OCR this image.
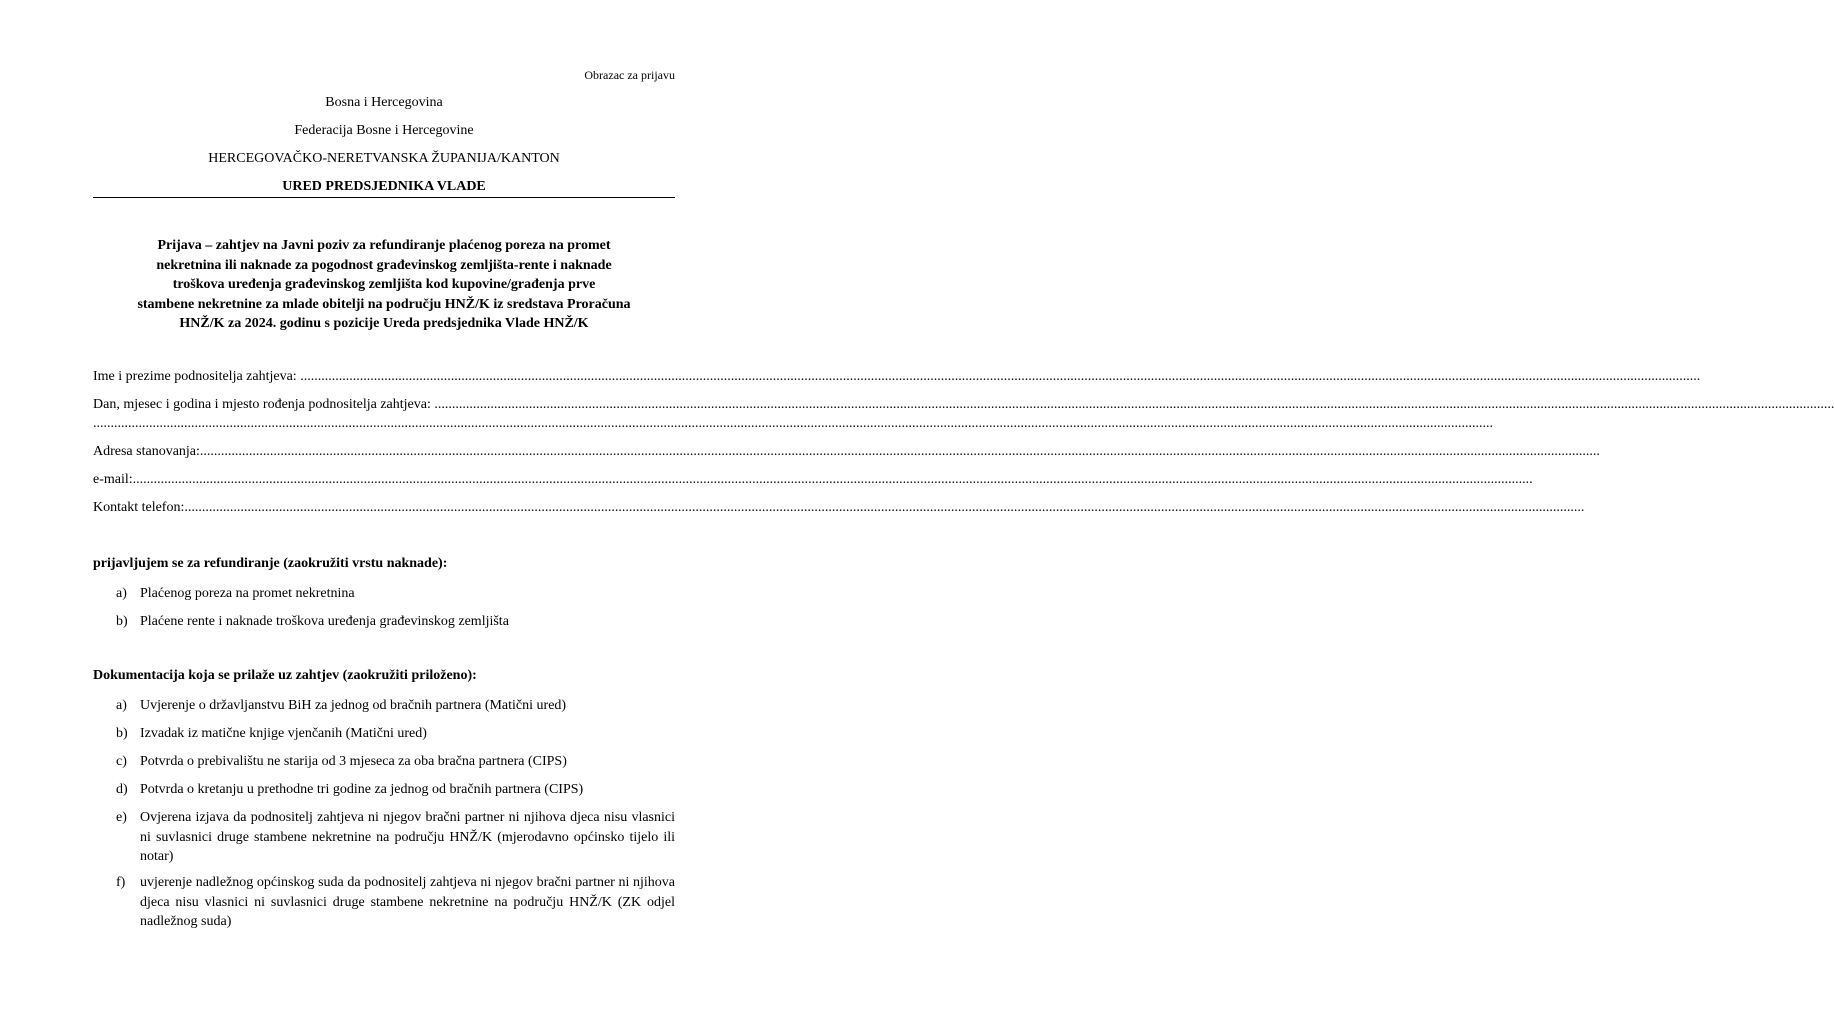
Obrazac za prijavu
Bosna i Hercegovina
Federacija Bosne i Hercegovine
HERCEGOVAČKO-NERETVANSKA ŽUPANIJA/KANTON
URED PREDSJEDNIKA VLADE
Prijava – zahtjev na Javni poziv za refundiranje plaćenog poreza na promet
nekretnina ili naknade za pogodnost građevinskog zemljišta-rente i naknade
troškova uređenja građevinskog zemljišta kod kupovine/građenja prve
stambene nekretnine za mlade obitelji na području HNŽ/K iz sredstava Proračuna
HNŽ/K za 2024. godinu s pozicije Ureda predsjednika Vlade HNŽ/K
Ime i prezime podnositelja zahtjeva: ................................................................................................................................................................................................................................................................................................................................................................................................................
Dan, mjesec i godina i mjesto rođenja podnositelja zahtjeva: ................................................................................................................................................................................................................................................................................................................................................................................................................
................................................................................................................................................................................................................................................................................................................................................................................................................
Adresa stanovanja:................................................................................................................................................................................................................................................................................................................................................................................................................
e-mail:................................................................................................................................................................................................................................................................................................................................................................................................................
Kontakt telefon:................................................................................................................................................................................................................................................................................................................................................................................................................
prijavljujem se za refundiranje (zaokružiti vrstu naknade):
a) Plaćenog poreza na promet nekretnina
b) Plaćene rente i naknade troškova uređenja građevinskog zemljišta
Dokumentacija koja se prilaže uz zahtjev (zaokružiti priloženo):
a) Uvjerenje o državljanstvu BiH za jednog od bračnih partnera (Matični ured)
b) Izvadak iz matične knjige vjenčanih (Matični ured)
c) Potvrda o prebivalištu ne starija od 3 mjeseca za oba bračna partnera (CIPS)
d) Potvrda o kretanju u prethodne tri godine za jednog od bračnih partnera (CIPS)
e) Ovjerena izjava da podnositelj zahtjeva ni njegov bračni partner ni njihova djeca nisu vlasnici ni suvlasnici druge stambene nekretnine na području HNŽ/K (mjerodavno općinsko tijelo ili notar)
f)	uvjerenje nadležnog općinskog suda da podnositelj zahtjeva ni njegov bračni partner ni njihova djeca nisu vlasnici ni suvlasnici druge stambene nekretnine na području HNŽ/K (ZK odjel nadležnog suda)
